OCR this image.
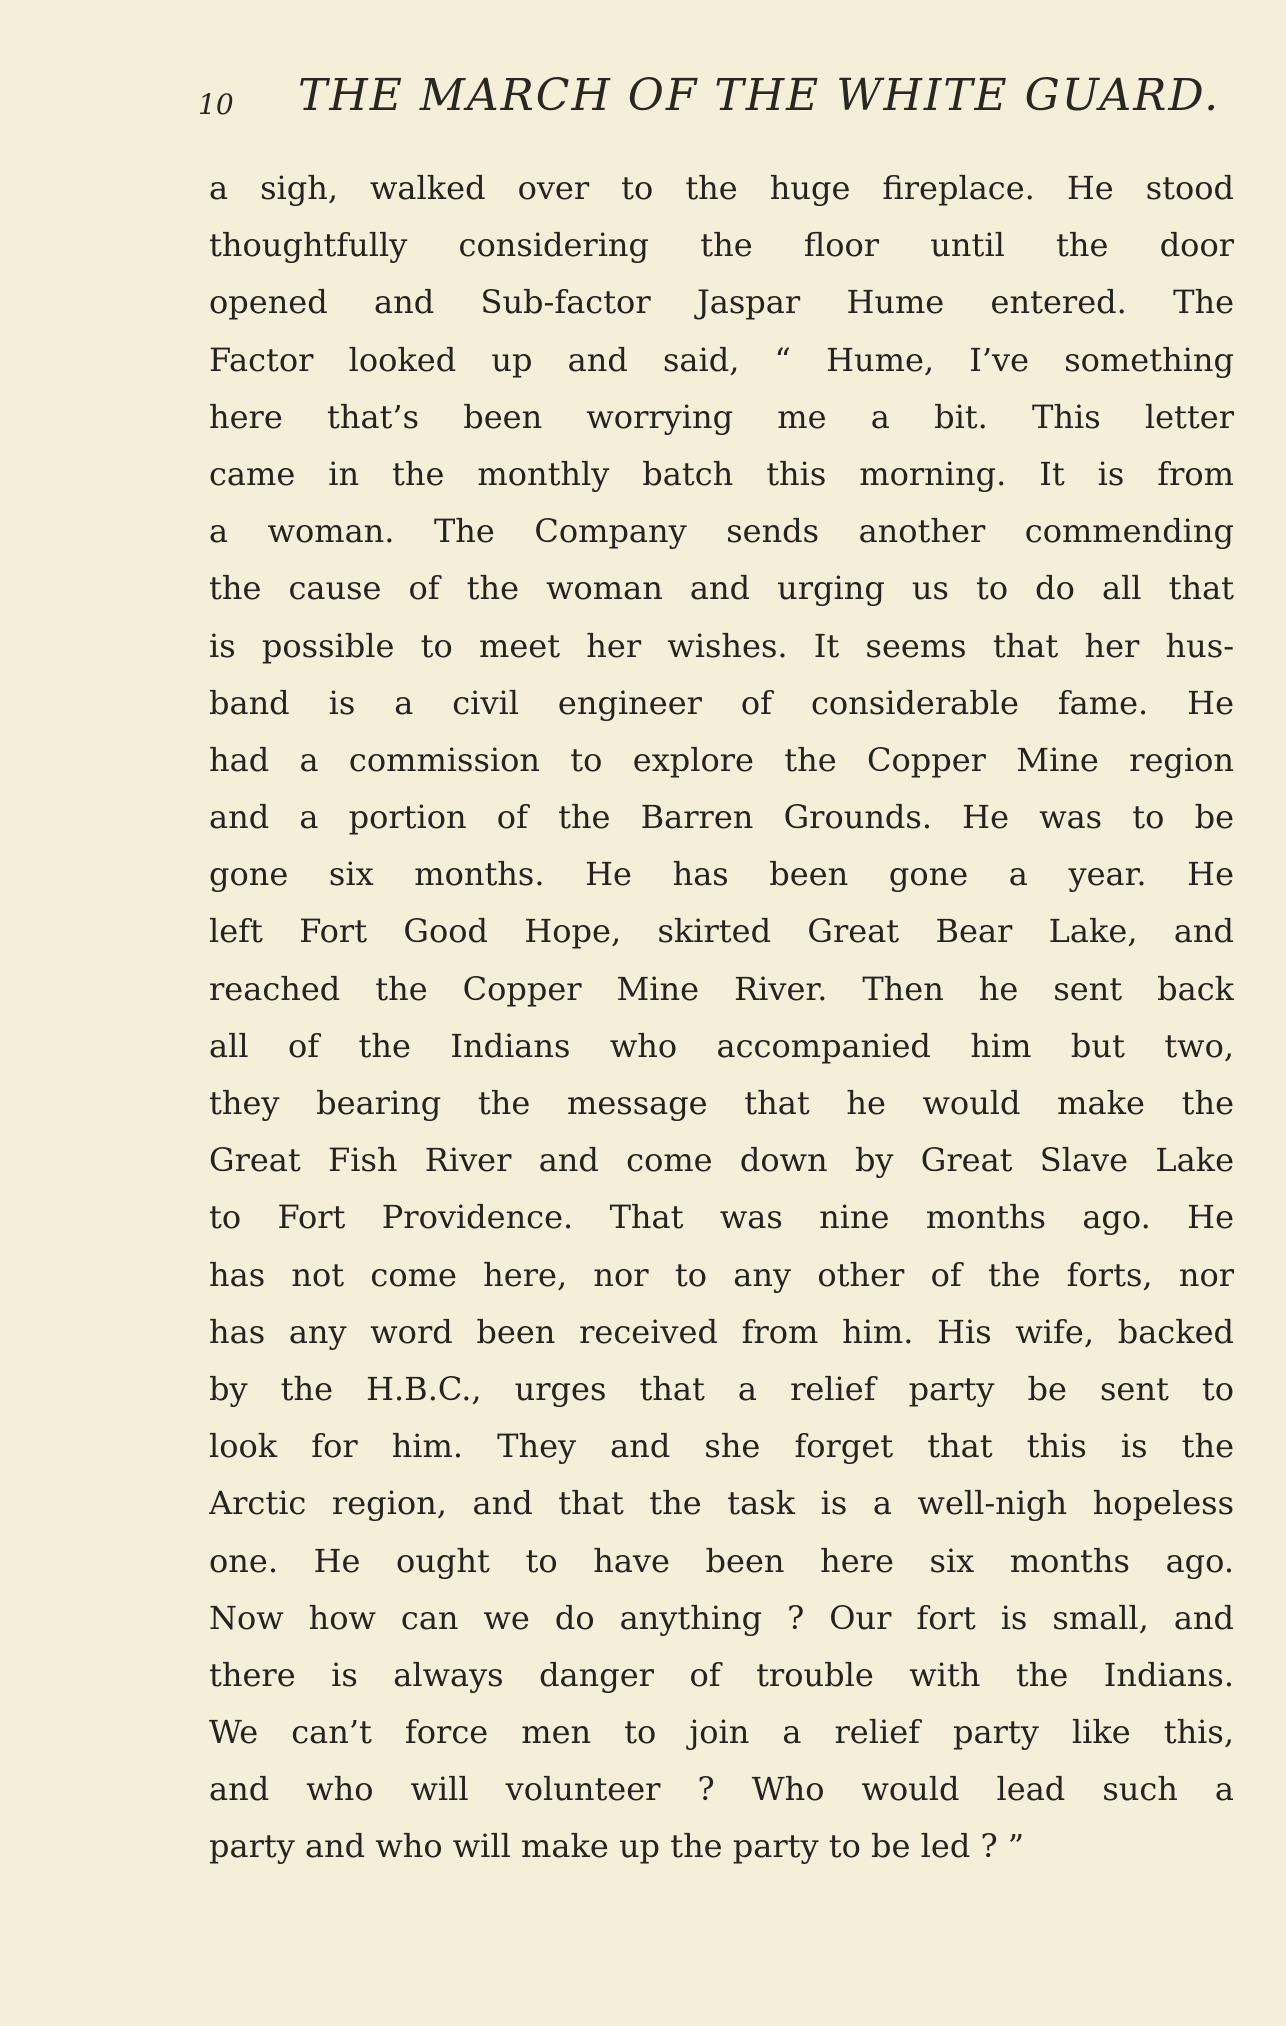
10 THE MARCH OF THE WHITE GUARD.
a sigh, walked over to the huge fireplace. He stood
thoughtfully considering the floor until the door
opened and Sub-factor Jaspar Hume entered. The
Factor looked up and said, “ Hume, I’ve something
here that’s been worrying me a bit. This letter
came in the monthly batch this morning. It is from
a woman. The Company sends another commending
the cause of the woman and urging us to do all that
is possible to meet her wishes. It seems that her hus-
band is a civil engineer of considerable fame. He
had a commission to explore the Copper Mine region
and a portion of the Barren Grounds. He was to be
gone six months. He has been gone a year. He
left Fort Good Hope, skirted Great Bear Lake, and
reached the Copper Mine River. Then he sent back
all of the Indians who accompanied him but two,
they bearing the message that he would make the
Great Fish River and come down by Great Slave Lake
to Fort Providence. That was nine months ago. He
has not come here, nor to any other of the forts, nor
has any word been received from him. His wife, backed
by the H.B.C., urges that a relief party be sent to
look for him. They and she forget that this is the
Arctic region, and that the task is a well-nigh hopeless
one. He ought to have been here six months ago.
Now how can we do anything ? Our fort is small, and
there is always danger of trouble with the Indians.
We can’t force men to join a relief party like this,
and who will volunteer ? Who would lead such a
party and who will make up the party to be led ? ”
